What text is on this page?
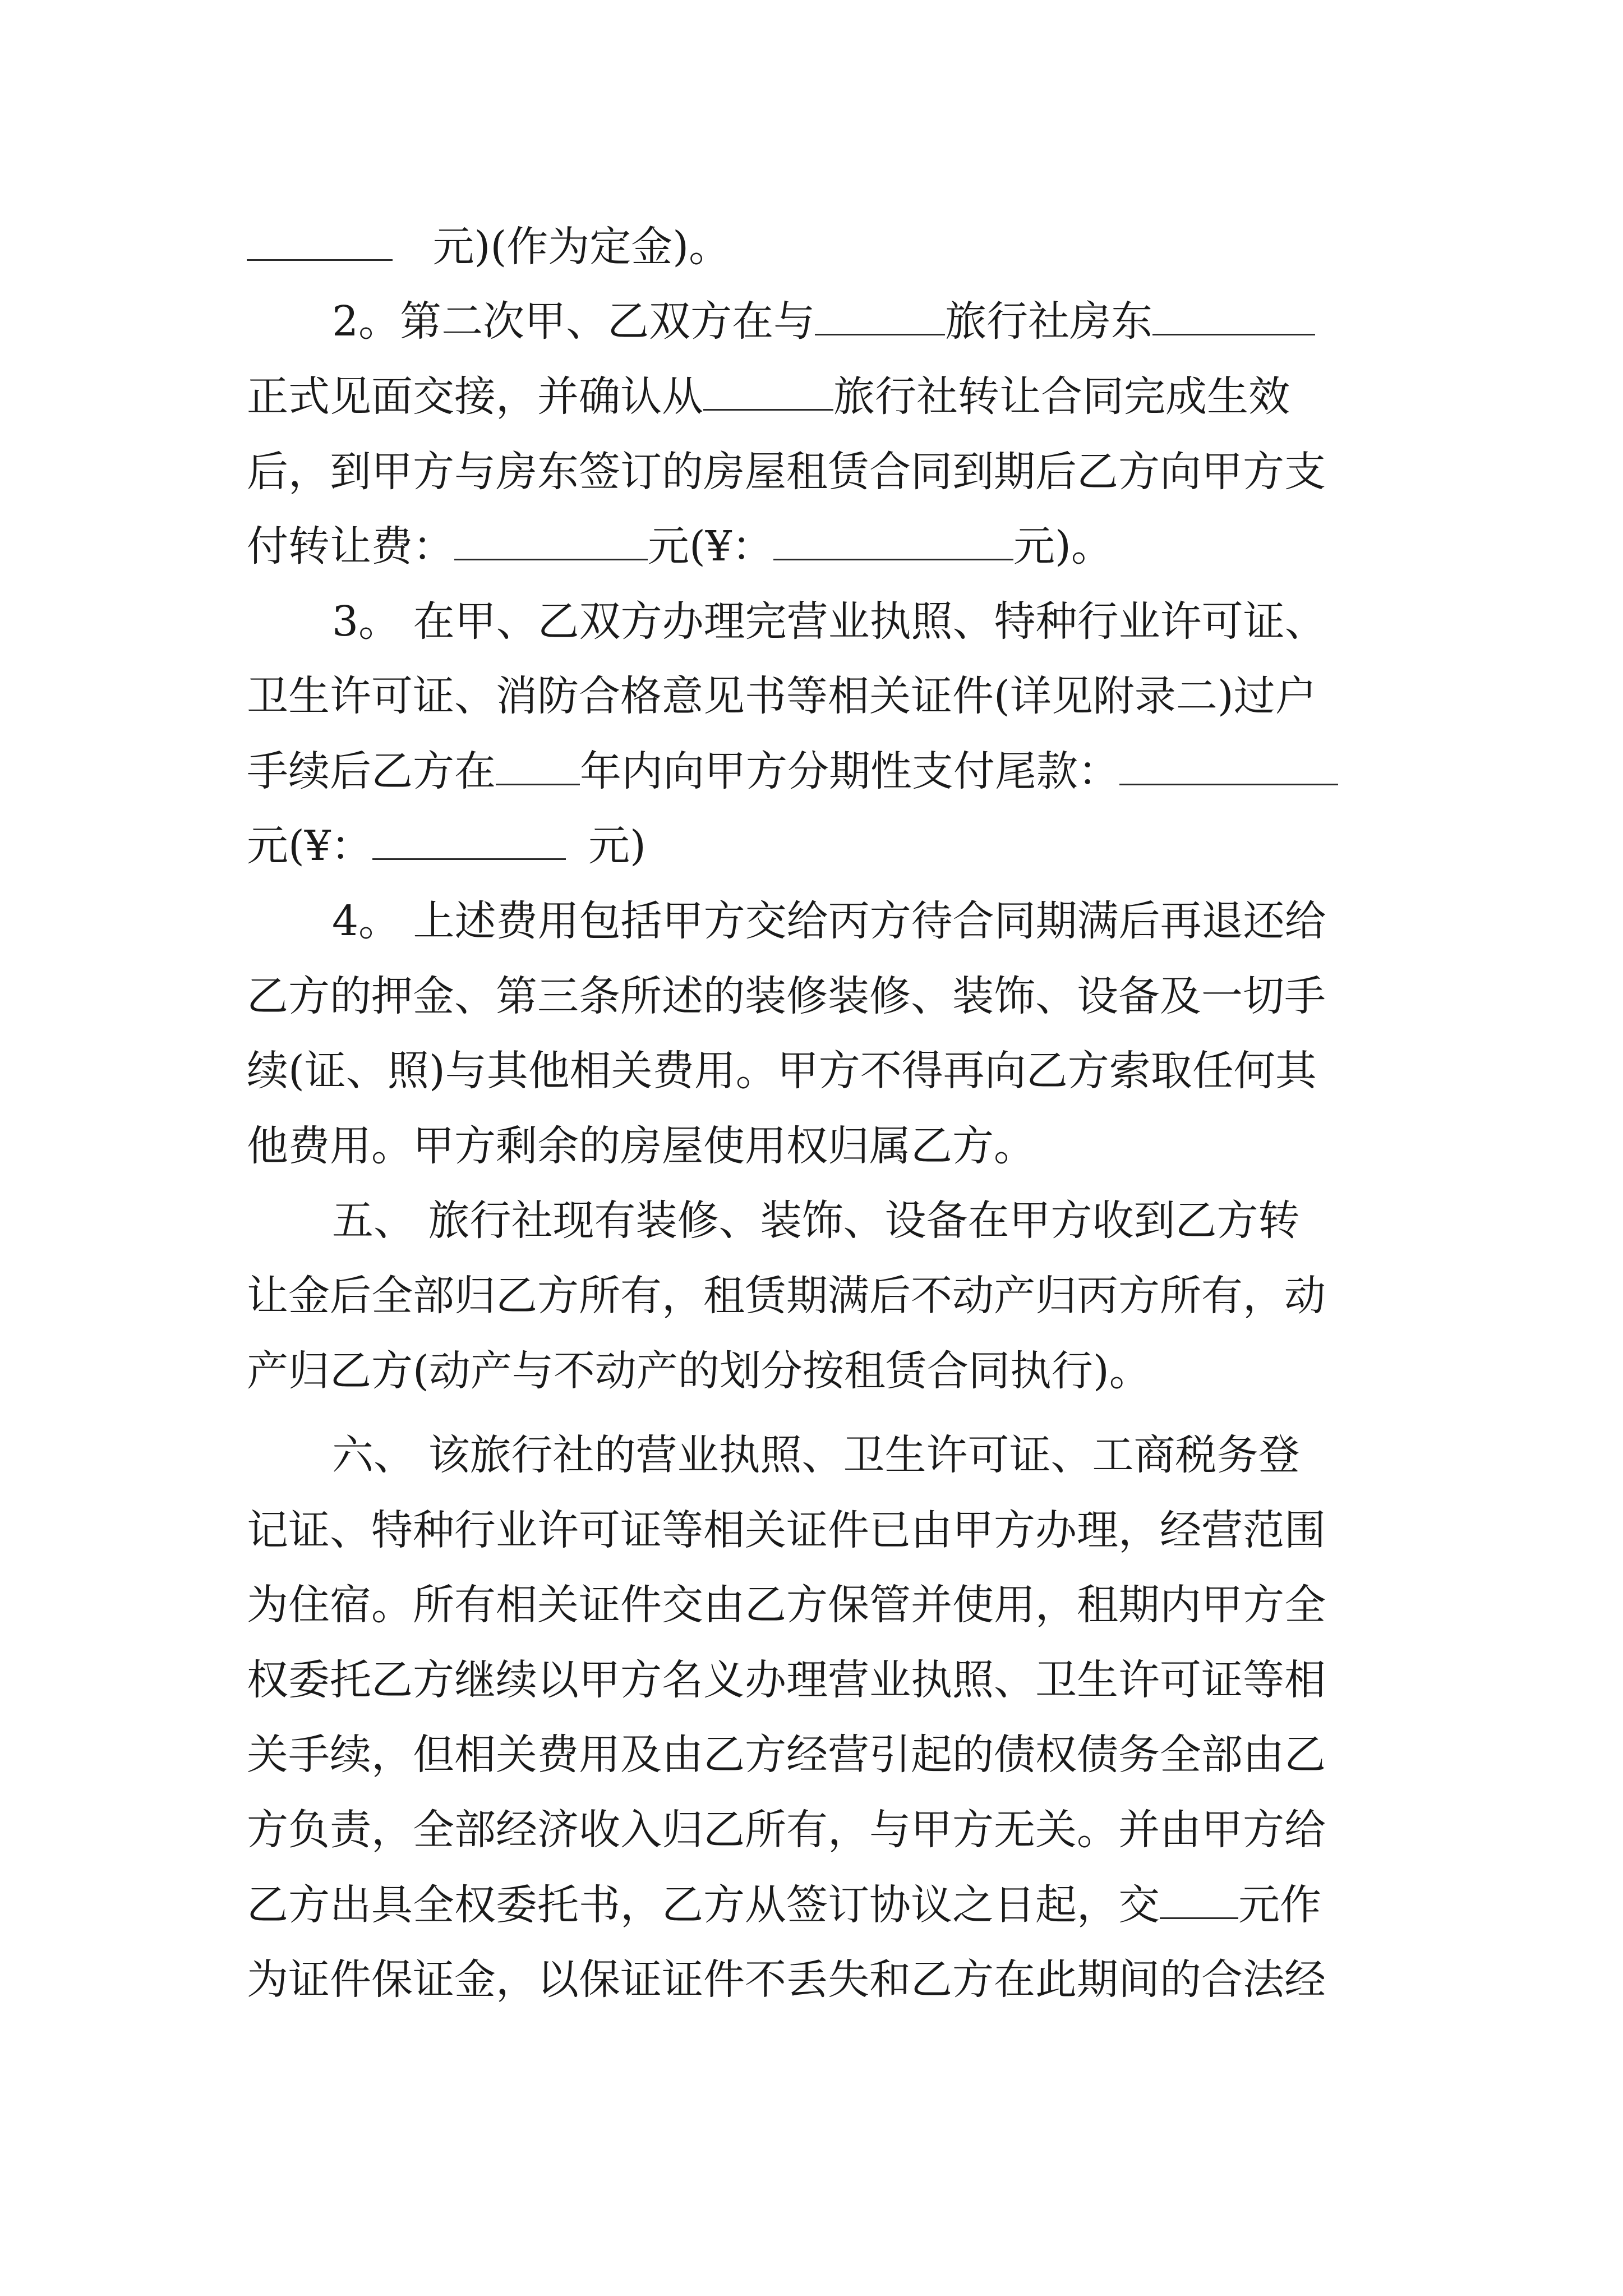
元)(作为定金)。
2。第二次甲、乙双方在与	旅行社房东
正式见面交接，并确认从	旅行社转让合同完成生效
后，到甲方与房东签订的房屋租赁合同到期后乙方向甲方支
付转让费：	元(¥：	元)。
3。 在甲、乙双方办理完营业执照、特种行业许可证、
卫生许可证、消防合格意见书等相关证件(详见附录二)过户
手续后乙方在 年内向甲方分期性支付尾款：
元(¥：	元)
4。 上述费用包括甲方交给丙方待合同期满后再退还给
乙方的押金、第三条所述的装修装修、装饰、设备及一切手
续(证、照)与其他相关费用。甲方不得再向乙方索取任何其
他费用。甲方剩余的房屋使用权归属乙方。
五、 旅行社现有装修、装饰、设备在甲方收到乙方转
让金后全部归乙方所有，租赁期满后不动产归丙方所有，动
产归乙方(动产与不动产的划分按租赁合同执行)。
六、 该旅行社的营业执照、卫生许可证、工商税务登
记证、特种行业许可证等相关证件已由甲方办理，经营范围
为住宿。所有相关证件交由乙方保管并使用，租期内甲方全
权委托乙方继续以甲方名义办理营业执照、卫生许可证等相
关手续，但相关费用及由乙方经营引起的债权债务全部由乙
方负责，全部经济收入归乙所有，与甲方无关。并由甲方给
乙方出具全权委托书，乙方从签订协议之日起，交 元作
为证件保证金，以保证证件不丢失和乙方在此期间的合法经
